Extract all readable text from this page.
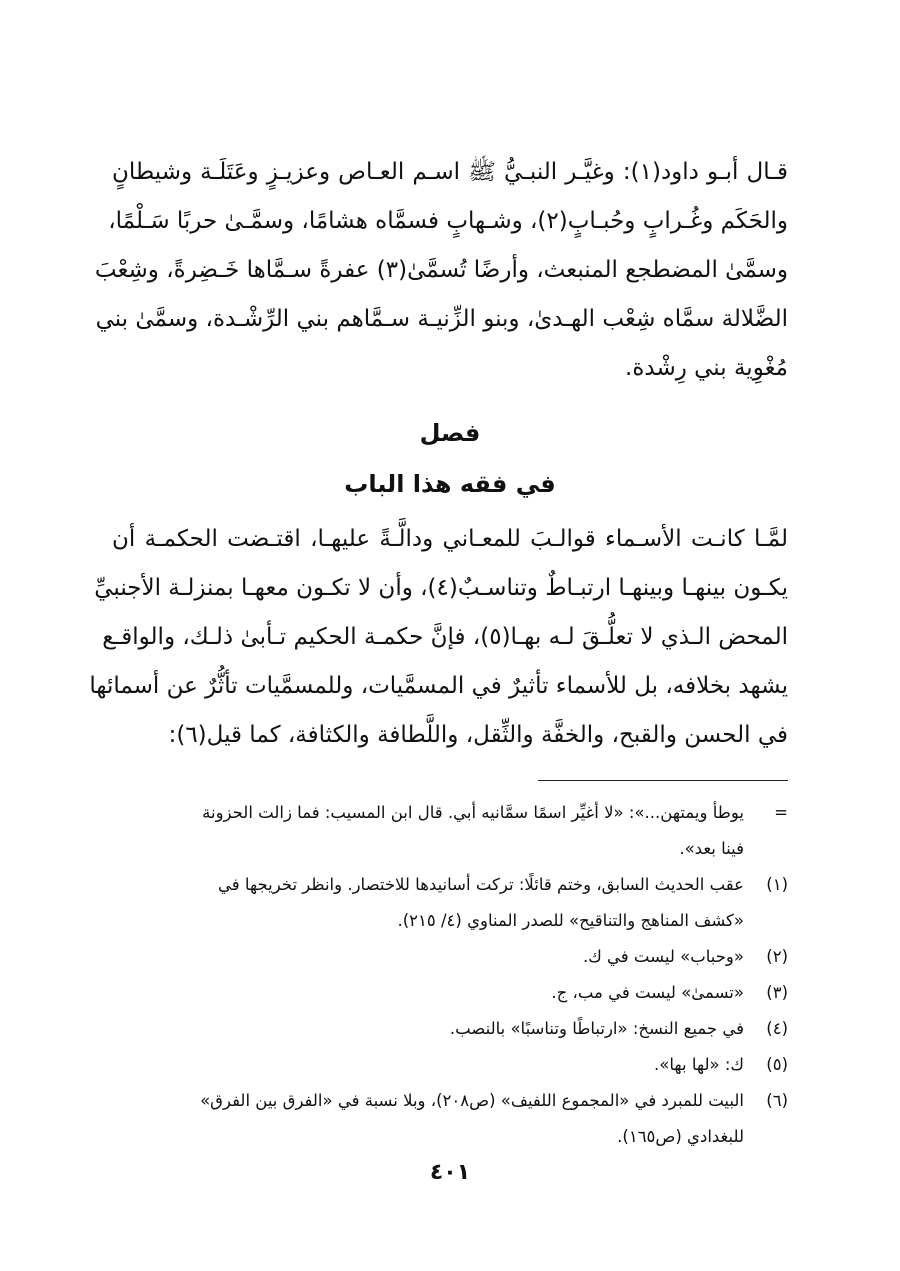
قـال أبـو داود(١): وغيَّـر النبـيُّ ﷺ اسـم العـاص وعزيـزٍ وعَتَلَـة وشيطانٍ
والحَكَم وغُـرابٍ وحُبـابٍ(٢)، وشـهابٍ فسمَّاه هشامًا، وسمَّـىٰ حربًا سَـلْمًا،
وسمَّىٰ المضطجع المنبعث، وأرضًا تُسمَّىٰ(٣) عفرةً سـمَّاها خَـضِرةً، وشِعْبَ
الضَّلالة سمَّاه شِعْب الهـدىٰ، وبنو الزِّنيـة سـمَّاهم بني الرِّشْـدة، وسمَّىٰ بني
مُغْوِية بني رِشْدة.

فصل
في فقه هذا الباب

لمَّـا كانـت الأسـماء قوالـبَ للمعـاني ودالَّـةً عليهـا، اقتـضت الحكمـة أن
يكـون بينهـا وبينهـا ارتبـاطٌ وتناسـبٌ(٤)، وأن لا تكـون معهـا بمنزلـة الأجنبيِّ
المحض الـذي لا تعلُّـقَ لـه بهـا(٥)، فإنَّ حكمـة الحكيم تـأبىٰ ذلـك، والواقـع
يشهد بخلافه، بل للأسماء تأثيرٌ في المسمَّيات، وللمسمَّيات تأثُّرٌ عن أسمائها
في الحسن والقبح، والخفَّة والثِّقل، واللَّطافة والكثافة، كما قيل(٦):

=
يوطأ ويمتهن...»: «لا أغيِّر اسمًا سمَّانيه أبي. قال ابن المسيب: فما زالت الحزونة
فينا بعد».
(١)
عقب الحديث السابق، وختم قائلًا: تركت أسانيدها للاختصار. وانظر تخريجها في
«كشف المناهج والتناقيح» للصدر المناوي (٤/ ٢١٥).
(٢)
«وحباب» ليست في ك.
(٣)
«تسمىٰ» ليست في مب، ج.
(٤)
في جميع النسخ: «ارتباطًا وتناسبًا» بالنصب.
(٥)
ك: «لها بها».
(٦)
البيت للمبرد في «المجموع اللفيف» (ص٢٠٨)، وبلا نسبة في «الفرق بين الفرق»
للبغدادي (ص١٦٥).
٤٠١
